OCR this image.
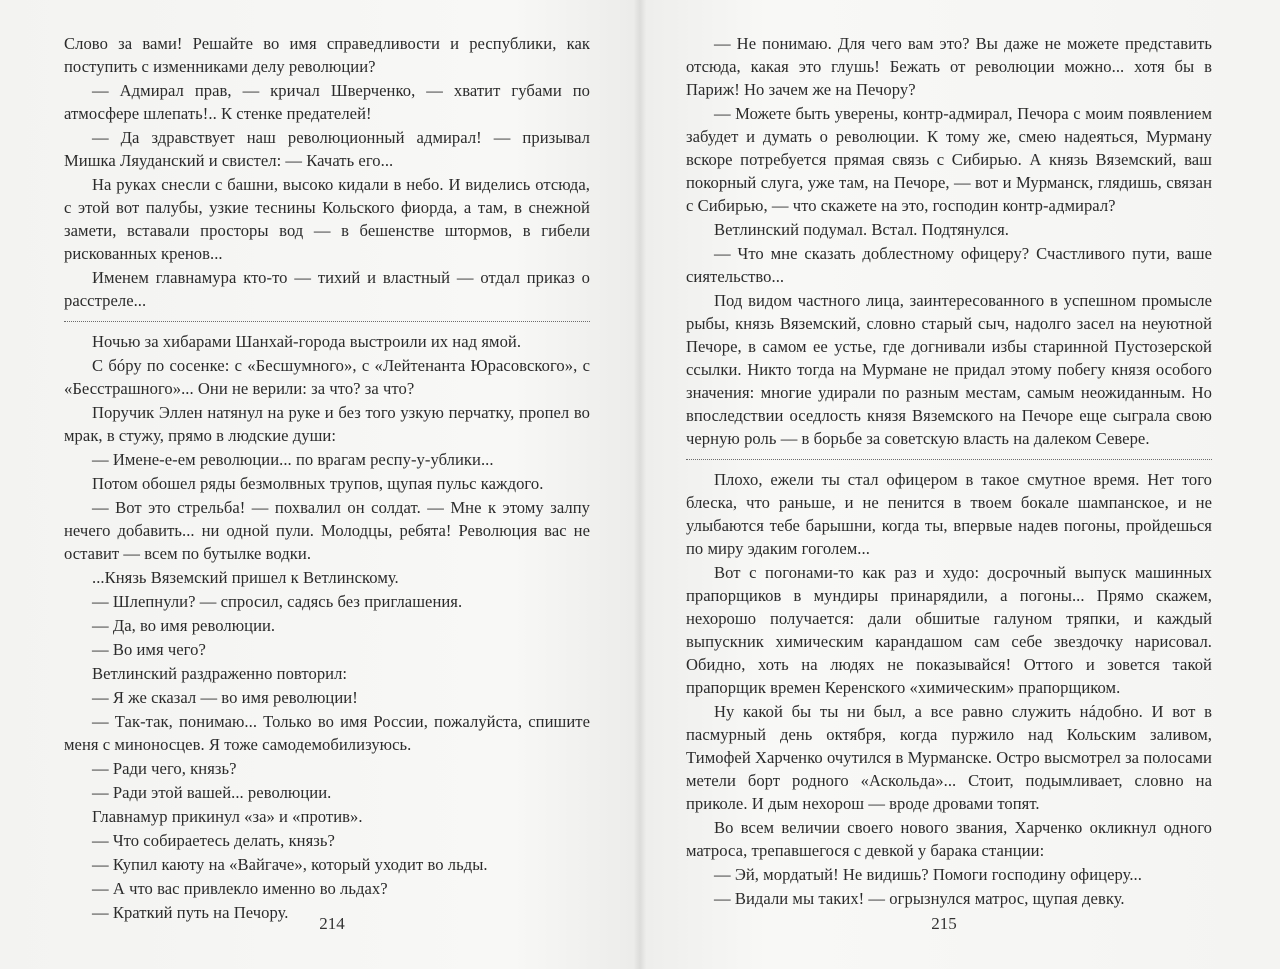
Слово за вами! Решайте во имя справедливости и республики, как поступить с изменниками делу революции?

— Адмирал прав, — кричал Шверченко, — хватит губами по атмосфере шлепать!.. К стенке предателей!

— Да здравствует наш революционный адмирал! — призывал Мишка Ляуданский и свистел: — Качать его...

На руках снесли с башни, высоко кидали в небо. И виделись отсюда, с этой вот палубы, узкие теснины Кольского фиорда, а там, в снежной замети, вставали просторы вод — в бешенстве штормов, в гибели рискованных кренов...

Именем главнамура кто-то — тихий и властный — отдал приказ о расстреле...

Ночью за хибарами Шанхай-города выстроили их над ямой.

С бóру по сосенке: с «Бесшумного», с «Лейтенанта Юрасовского», с «Бесстрашного»... Они не верили: за что? за что?

Поручик Эллен натянул на руке и без того узкую перчатку, пропел во мрак, в стужу, прямо в людские души:

— Имене-е-ем революции... по врагам респу-у-ублики...

Потом обошел ряды безмолвных трупов, щупая пульс каждого.

— Вот это стрельба! — похвалил он солдат. — Мне к этому залпу нечего добавить... ни одной пули. Молодцы, ребята! Революция вас не оставит — всем по бутылке водки.

...Князь Вяземский пришел к Ветлинскому.

— Шлепнули? — спросил, садясь без приглашения.

— Да, во имя революции.

— Во имя чего?

Ветлинский раздраженно повторил:

— Я же сказал — во имя революции!

— Так-так, понимаю... Только во имя России, пожалуйста, спишите меня с миноносцев. Я тоже самодемобилизуюсь.

— Ради чего, князь?

— Ради этой вашей... революции.

Главнамур прикинул «за» и «против».

— Что собираетесь делать, князь?

— Купил каюту на «Вайгаче», который уходит во льды.

— А что вас привлекло именно во льдах?

— Краткий путь на Печору.

— Не понимаю. Для чего вам это? Вы даже не можете представить отсюда, какая это глушь! Бежать от революции можно... хотя бы в Париж! Но зачем же на Печору?

— Можете быть уверены, контр-адмирал, Печора с моим появлением забудет и думать о революции. К тому же, смею надеяться, Мурману вскоре потребуется прямая связь с Сибирью. А князь Вяземский, ваш покорный слуга, уже там, на Печоре, — вот и Мурманск, глядишь, связан с Сибирью, — что скажете на это, господин контр-адмирал?

Ветлинский подумал. Встал. Подтянулся.

— Что мне сказать доблестному офицеру? Счастливого пути, ваше сиятельство...

Под видом частного лица, заинтересованного в успешном промысле рыбы, князь Вяземский, словно старый сыч, надолго засел на неуютной Печоре, в самом ее устье, где догнивали избы старинной Пустозерской ссылки. Никто тогда на Мурмане не придал этому побегу князя особого значения: многие удирали по разным местам, самым неожиданным. Но впоследствии оседлость князя Вяземского на Печоре еще сыграла свою черную роль — в борьбе за советскую власть на далеком Севере.

Плохо, ежели ты стал офицером в такое смутное время. Нет того блеска, что раньше, и не пенится в твоем бокале шампанское, и не улыбаются тебе барышни, когда ты, впервые надев погоны, пройдешься по миру эдаким гоголем...

Вот с погонами-то как раз и худо: досрочный выпуск машинных прапорщиков в мундиры принарядили, а погоны... Прямо скажем, нехорошо получается: дали обшитые галуном тряпки, и каждый выпускник химическим карандашом сам себе звездочку нарисовал. Обидно, хоть на людях не показывайся! Оттого и зовется такой прапорщик времен Керенского «химическим» прапорщиком.

Ну какой бы ты ни был, а все равно служить нáдобно. И вот в пасмурный день октября, когда пуржило над Кольским заливом, Тимофей Харченко очутился в Мурманске. Остро высмотрел за полосами метели борт родного «Аскольда»... Стоит, подымливает, словно на приколе. И дым нехорош — вроде дровами топят.

Во всем величии своего нового звания, Харченко окликнул одного матроса, трепавшегося с девкой у барака станции:

— Эй, мордатый! Не видишь? Помоги господину офицеру...

— Видали мы таких! — огрызнулся матрос, щупая девку.

214	215
